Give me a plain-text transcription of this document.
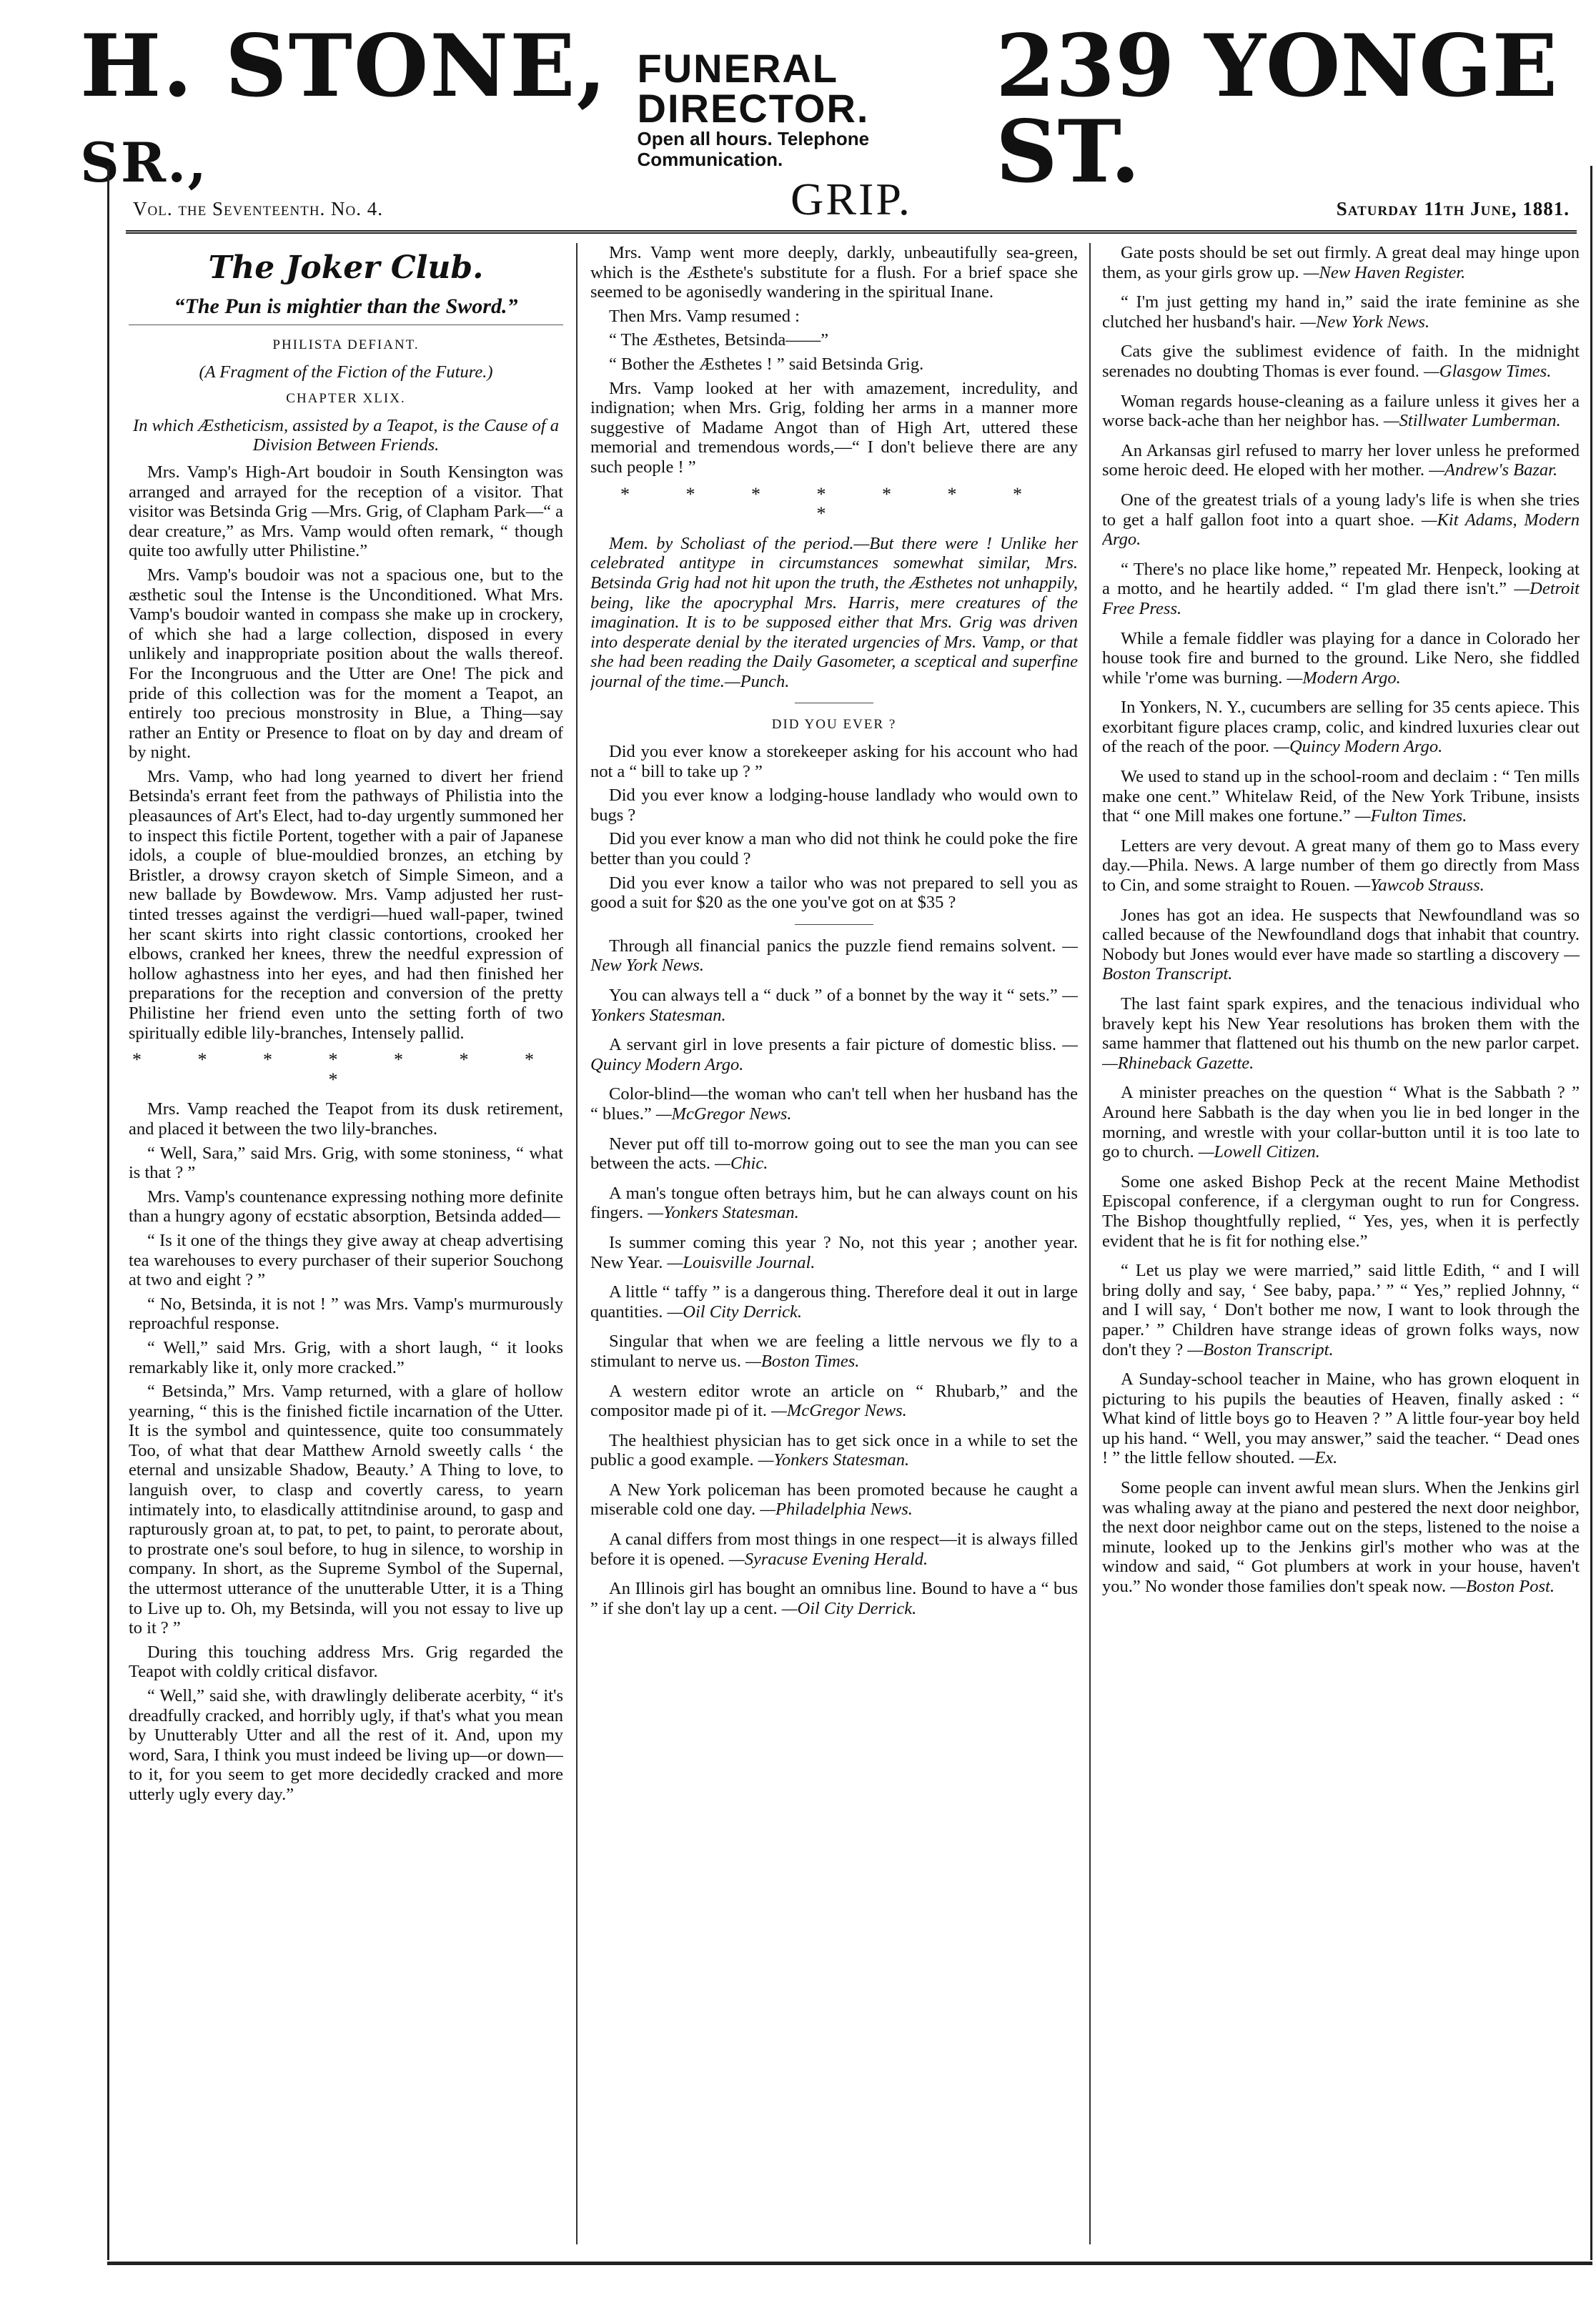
H. STONE, SR.,
FUNERAL DIRECTOR.
Open all hours. Telephone Communication.
239 YONGE ST.
Vol. the Seventeenth. No. 4.	GRIP.	Saturday 11th June, 1881.
The Joker Club.
“The Pun is mightier than the Sword.”
PHILISTA DEFIANT.
(A Fragment of the Fiction of the Future.)
CHAPTER XLIX.

In which Æstheticism, assisted by a Teapot, is the Cause of a Division Between Friends.

Mrs. Vamp's High-Art boudoir in South Kensington was arranged and arrayed for the reception of a visitor. That visitor was Betsinda Grig —Mrs. Grig, of Clapham Park—“ a dear creature,” as Mrs. Vamp would often remark, “ though quite too awfully utter Philistine.”

Mrs. Vamp's boudoir was not a spacious one, but to the æsthetic soul the Intense is the Unconditioned. What Mrs. Vamp's boudoir wanted in compass she make up in crockery, of which she had a large collection, disposed in every unlikely and inappropriate position about the walls thereof. For the Incongruous and the Utter are One! The pick and pride of this collection was for the moment a Teapot, an entirely too precious monstrosity in Blue, a Thing—say rather an Entity or Presence to float on by day and dream of by night.

Mrs. Vamp, who had long yearned to divert her friend Betsinda's errant feet from the pathways of Philistia into the pleasaunces of Art's Elect, had to-day urgently summoned her to inspect this fictile Portent, together with a pair of Japanese idols, a couple of blue-mouldied bronzes, an etching by Bristler, a drowsy crayon sketch of Simple Simeon, and a new ballade by Bowdewow. Mrs. Vamp adjusted her rust-tinted tresses against the verdigri—hued wall-paper, twined her scant skirts into right classic contortions, crooked her elbows, cranked her knees, threw the needful expression of hollow aghastness into her eyes, and had then finished her preparations for the reception and conversion of the pretty Philistine her friend even unto the setting forth of two spiritually edible lily-branches, Intensely pallid.

* * * * * * * *

Mrs. Vamp reached the Teapot from its dusk retirement, and placed it between the two lily-branches.

“ Well, Sara,” said Mrs. Grig, with some stoniness, “ what is that ? ”

Mrs. Vamp's countenance expressing nothing more definite than a hungry agony of ecstatic absorption, Betsinda added—

“ Is it one of the things they give away at cheap advertising tea warehouses to every purchaser of their superior Souchong at two and eight ? ”

“ No, Betsinda, it is not ! ” was Mrs. Vamp's murmurously reproachful response.

“ Well,” said Mrs. Grig, with a short laugh, “ it looks remarkably like it, only more cracked.”

“ Betsinda,” Mrs. Vamp returned, with a glare of hollow yearning, “ this is the finished fictile incarnation of the Utter. It is the symbol and quintessence, quite too consummately Too, of what that dear Matthew Arnold sweetly calls ‘ the eternal and unsizable Shadow, Beauty.’ A Thing to love, to languish over, to clasp and covertly caress, to yearn intimately into, to elasdically attitndinise around, to gasp and rapturously groan at, to pat, to pet, to paint, to perorate about, to prostrate one's soul before, to hug in silence, to worship in company. In short, as the Supreme Symbol of the Supernal, the uttermost utterance of the unutterable Utter, it is a Thing to Live up to. Oh, my Betsinda, will you not essay to live up to it ? ”

During this touching address Mrs. Grig regarded the Teapot with coldly critical disfavor.

“ Well,” said she, with drawlingly deliberate acerbity, “ it's dreadfully cracked, and horribly ugly, if that's what you mean by Unutterably Utter and all the rest of it. And, upon my word, Sara, I think you must indeed be living up—or down—to it, for you seem to get more decidedly cracked and more utterly ugly every day.”

Mrs. Vamp went more deeply, darkly, unbeautifully sea-green, which is the Æsthete's substitute for a flush. For a brief space she seemed to be agonisedly wandering in the spiritual Inane.

Then Mrs. Vamp resumed :

“ The Æsthetes, Betsinda——”

“ Bother the Æsthetes ! ” said Betsinda Grig.

Mrs. Vamp looked at her with amazement, incredulity, and indignation; when Mrs. Grig, folding her arms in a manner more suggestive of Madame Angot than of High Art, uttered these memorial and tremendous words,—“ I don't believe there are any such people ! ”

* * * * * * * *

Mem. by Scholiast of the period.—But there were ! Unlike her celebrated antitype in circumstances somewhat similar, Mrs. Betsinda Grig had not hit upon the truth, the Æsthetes not unhappily, being, like the apocryphal Mrs. Harris, mere creatures of the imagination. It is to be supposed either that Mrs. Grig was driven into desperate denial by the iterated urgencies of Mrs. Vamp, or that she had been reading the Daily Gasometer, a sceptical and superfine journal of the time.—Punch.

DID YOU EVER ?

Did you ever know a storekeeper asking for his account who had not a “ bill to take up ? ”

Did you ever know a lodging-house landlady who would own to bugs ?

Did you ever know a man who did not think he could poke the fire better than you could ?

Did you ever know a tailor who was not prepared to sell you as good a suit for $20 as the one you've got on at $35 ?

Through all financial panics the puzzle fiend remains solvent. —New York News.

You can always tell a “ duck ” of a bonnet by the way it “ sets.” —Yonkers Statesman.

A servant girl in love presents a fair picture of domestic bliss. —Quincy Modern Argo.

Color-blind—the woman who can't tell when her husband has the “ blues.” —McGregor News.

Never put off till to-morrow going out to see the man you can see between the acts. —Chic.

A man's tongue often betrays him, but he can always count on his fingers. —Yonkers Statesman.

Is summer coming this year ? No, not this year ; another year. New Year. —Louisville Journal.

A little “ taffy ” is a dangerous thing. Therefore deal it out in large quantities. —Oil City Derrick.

Singular that when we are feeling a little nervous we fly to a stimulant to nerve us. —Boston Times.

A western editor wrote an article on “ Rhubarb,” and the compositor made pi of it. —McGregor News.

The healthiest physician has to get sick once in a while to set the public a good example. —Yonkers Statesman.

A New York policeman has been promoted because he caught a miserable cold one day. —Philadelphia News.

A canal differs from most things in one respect—it is always filled before it is opened. —Syracuse Evening Herald.

An Illinois girl has bought an omnibus line. Bound to have a “ bus ” if she don't lay up a cent. —Oil City Derrick.

Gate posts should be set out firmly. A great deal may hinge upon them, as your girls grow up. —New Haven Register.

“ I'm just getting my hand in,” said the irate feminine as she clutched her husband's hair. —New York News.

Cats give the sublimest evidence of faith. In the midnight serenades no doubting Thomas is ever found. —Glasgow Times.

Woman regards house-cleaning as a failure unless it gives her a worse back-ache than her neighbor has. —Stillwater Lumberman.

An Arkansas girl refused to marry her lover unless he preformed some heroic deed. He eloped with her mother. —Andrew's Bazar.

One of the greatest trials of a young lady's life is when she tries to get a half gallon foot into a quart shoe. —Kit Adams, Modern Argo.

“ There's no place like home,” repeated Mr. Henpeck, looking at a motto, and he heartily added. “ I'm glad there isn't.” —Detroit Free Press.

While a female fiddler was playing for a dance in Colorado her house took fire and burned to the ground. Like Nero, she fiddled while 'r'ome was burning. —Modern Argo.

In Yonkers, N. Y., cucumbers are selling for 35 cents apiece. This exorbitant figure places cramp, colic, and kindred luxuries clear out of the reach of the poor. —Quincy Modern Argo.

We used to stand up in the school-room and declaim : “ Ten mills make one cent.” Whitelaw Reid, of the New York Tribune, insists that “ one Mill makes one fortune.” —Fulton Times.

Letters are very devout. A great many of them go to Mass every day.—Phila. News. A large number of them go directly from Mass to Cin, and some straight to Rouen. —Yawcob Strauss.

Jones has got an idea. He suspects that Newfoundland was so called because of the Newfoundland dogs that inhabit that country. Nobody but Jones would ever have made so startling a discovery —Boston Transcript.

The last faint spark expires, and the tenacious individual who bravely kept his New Year resolutions has broken them with the same hammer that flattened out his thumb on the new parlor carpet. —Rhineback Gazette.

A minister preaches on the question “ What is the Sabbath ? ” Around here Sabbath is the day when you lie in bed longer in the morning, and wrestle with your collar-button until it is too late to go to church. —Lowell Citizen.

Some one asked Bishop Peck at the recent Maine Methodist Episcopal conference, if a clergyman ought to run for Congress. The Bishop thoughtfully replied, “ Yes, yes, when it is perfectly evident that he is fit for nothing else.”

“ Let us play we were married,” said little Edith, “ and I will bring dolly and say, ‘ See baby, papa.’ ” “ Yes,” replied Johnny, “ and I will say, ‘ Don't bother me now, I want to look through the paper.’ ” Children have strange ideas of grown folks ways, now don't they ? —Boston Transcript.

A Sunday-school teacher in Maine, who has grown eloquent in picturing to his pupils the beauties of Heaven, finally asked : “ What kind of little boys go to Heaven ? ” A little four-year boy held up his hand. “ Well, you may answer,” said the teacher. “ Dead ones ! ” the little fellow shouted. —Ex.

Some people can invent awful mean slurs. When the Jenkins girl was whaling away at the piano and pestered the next door neighbor, the next door neighbor came out on the steps, listened to the noise a minute, looked up to the Jenkins girl's mother who was at the window and said, “ Got plumbers at work in your house, haven't you.” No wonder those families don't speak now. —Boston Post.
